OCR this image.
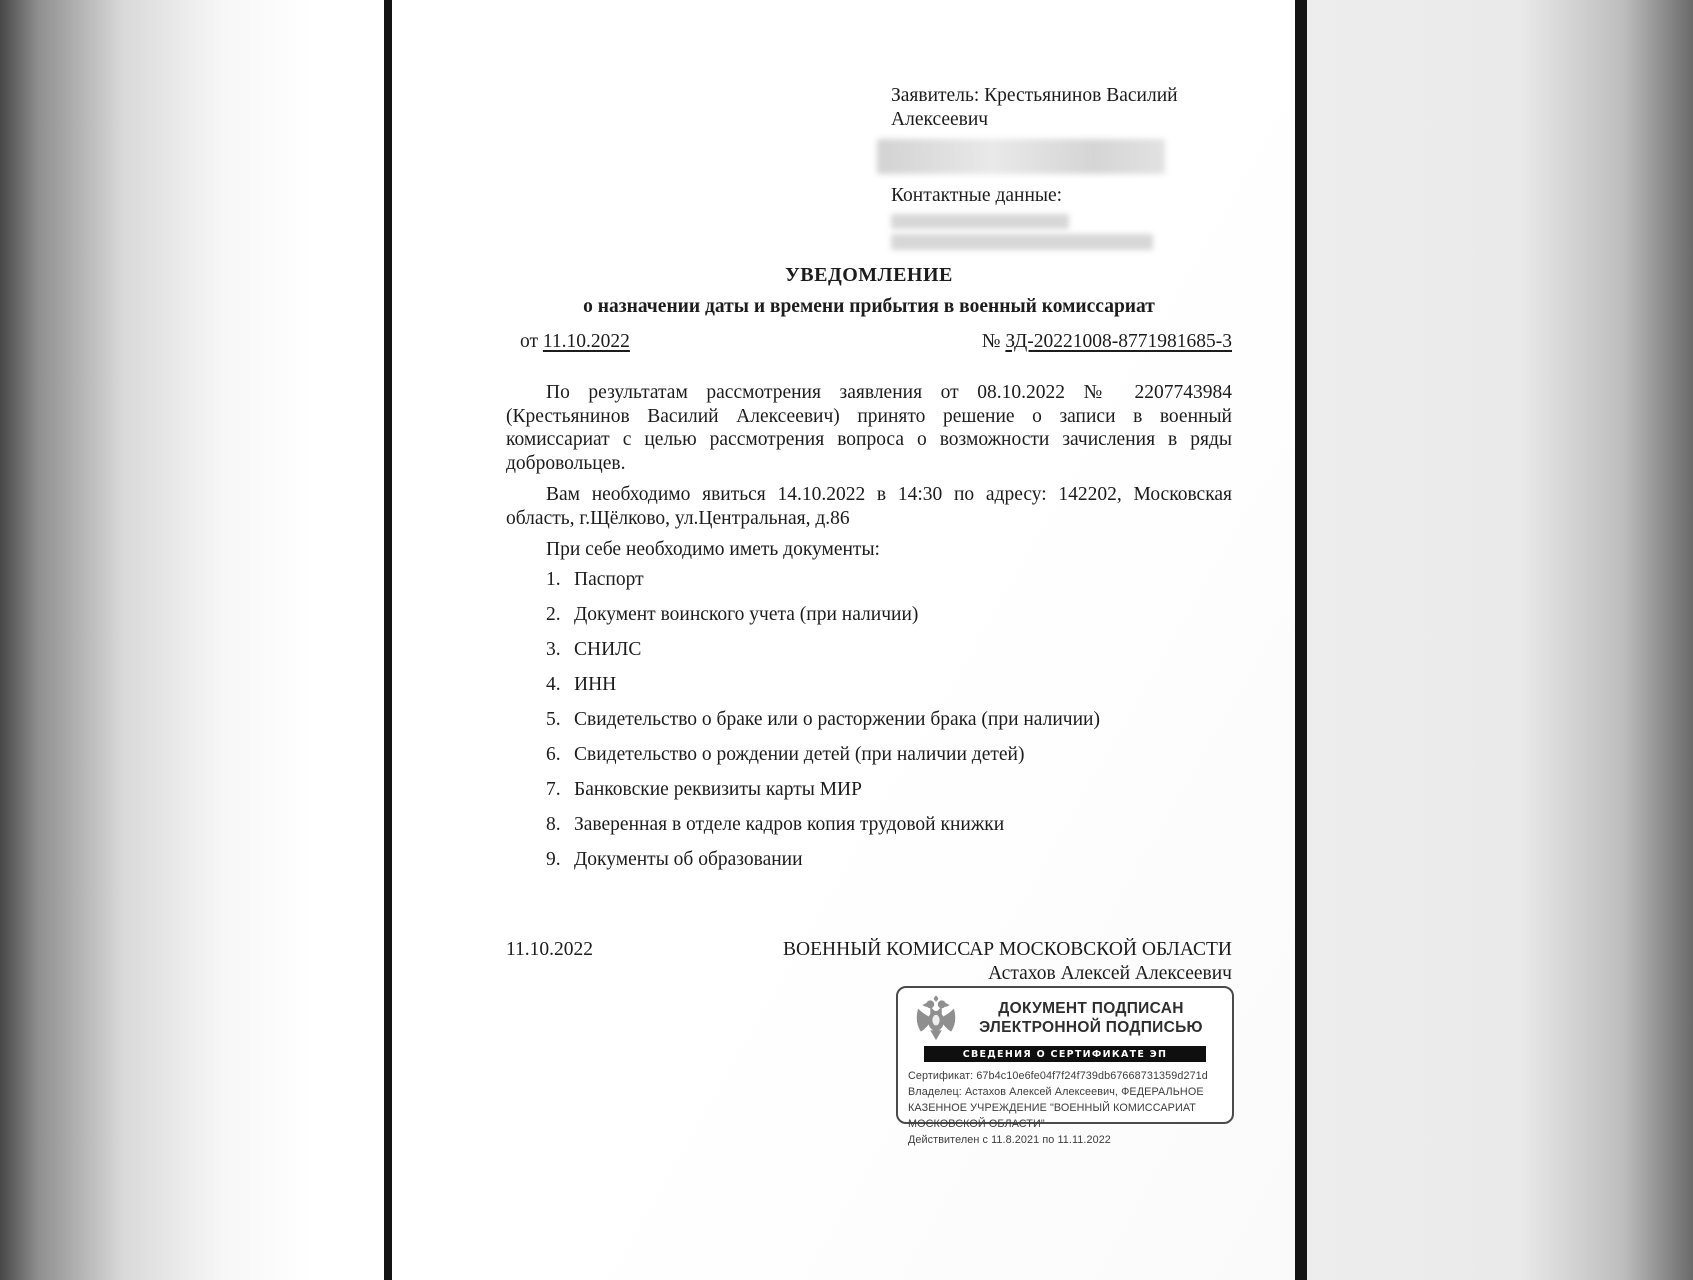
Заявитель: Крестьянинов Василий Алексеевич
Контактные данные:
УВЕДОМЛЕНИЕ
о назначении даты и времени прибытия в военный комиссариат
от 11.10.2022	№ ЗД-20221008-8771981685-3

По результатам рассмотрения заявления от 08.10.2022 № 2207743984 (Крестьянинов Василий Алексеевич) принято решение о записи в военный комиссариат с целью рассмотрения вопроса о возможности зачисления в ряды добровольцев.

Вам необходимо явиться 14.10.2022 в 14:30 по адресу: 142202, Московская область, г.Щёлково, ул.Центральная, д.86

При себе необходимо иметь документы:

1. Паспорт
2. Документ воинского учета (при наличии)
3. СНИЛС
4. ИНН
5. Свидетельство о браке или о расторжении брака (при наличии)
6. Свидетельство о рождении детей (при наличии детей)
7. Банковские реквизиты карты МИР
8. Заверенная в отделе кадров копия трудовой книжки
9. Документы об образовании
11.10.2022	ВОЕННЫЙ КОМИССАР МОСКОВСКОЙ ОБЛАСТИ
Астахов Алексей Алексеевич
ДОКУМЕНТ ПОДПИСАН
ЭЛЕКТРОННОЙ ПОДПИСЬЮ
СВЕДЕНИЯ О СЕРТИФИКАТЕ ЭП
Сертификат: 67b4c10e6fe04f7f24f739db67668731359d271d
Владелец: Астахов Алексей Алексеевич, ФЕДЕРАЛЬНОЕ КАЗЕННОЕ УЧРЕЖДЕНИЕ "ВОЕННЫЙ КОМИССАРИАТ МОСКОВСКОЙ ОБЛАСТИ"
Действителен с 11.8.2021 по 11.11.2022
